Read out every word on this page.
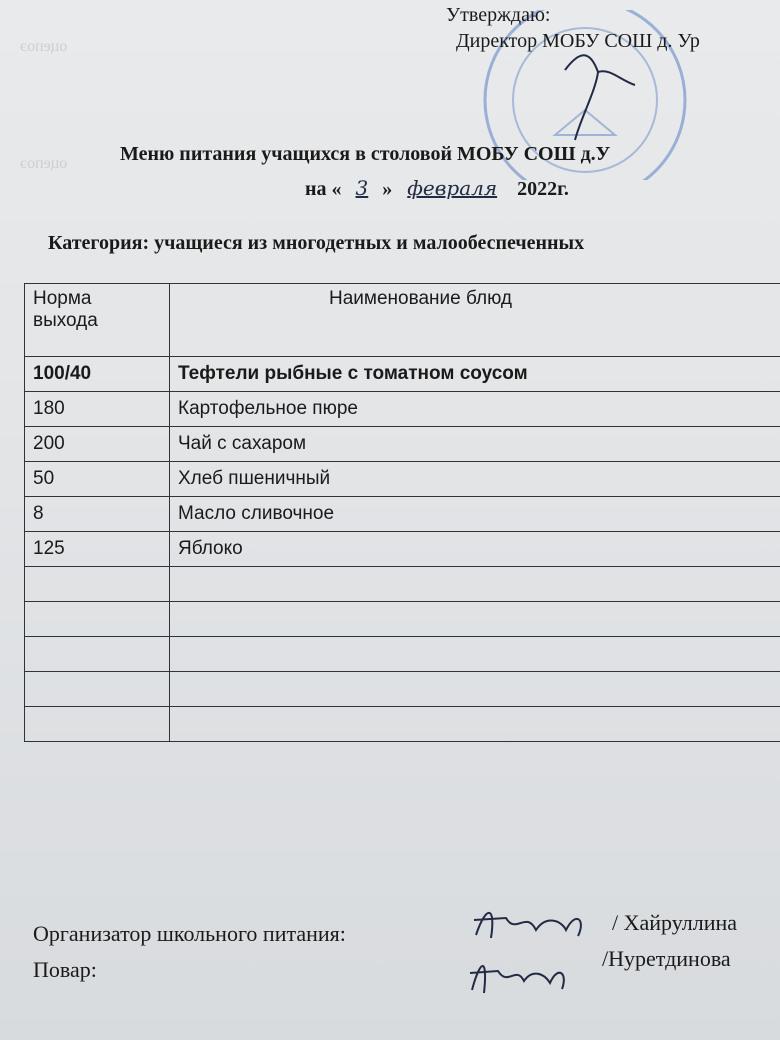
оцепоэ
оцепоэ
Утверждаю:
Директор МОБУ СОШ д. Ур
Меню питания учащихся в столовой МОБУ СОШ д.У
на « 3 » февраля 2022г.
Категория: учащиеся из многодетных и малообеспеченных
Норма выхода	Наименование блюд
100/40	Тефтели рыбные с томатном соусом
180	Картофельное пюре
200	Чай с сахаром
50	Хлеб пшеничный
8	Масло сливочное
125	Яблоко

Организатор школьного питания:	/ Хайруллина
Повар:	/Нуретдинова
